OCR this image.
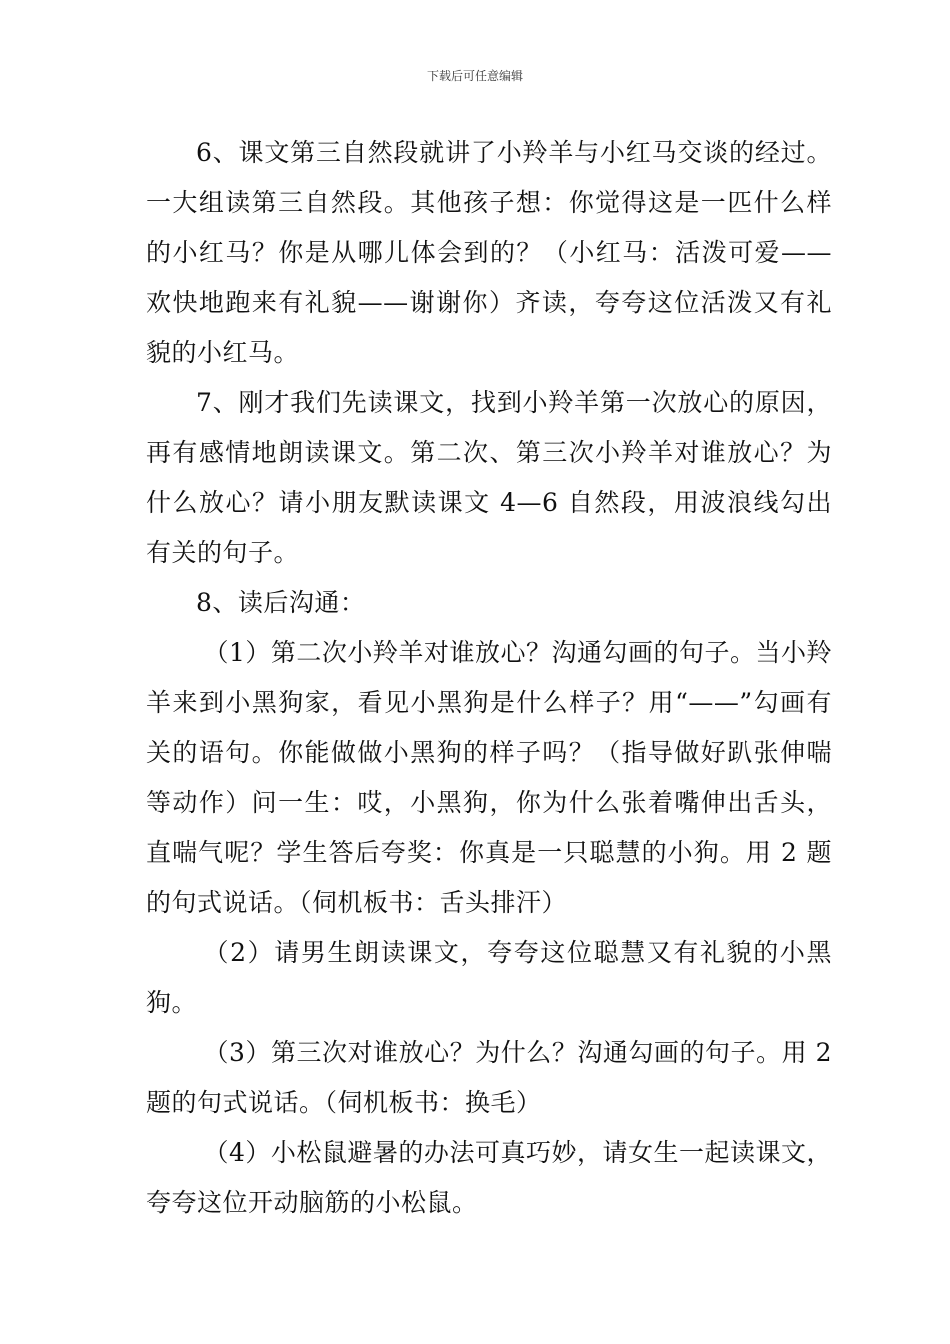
下载后可任意编辑

6、课文第三自然段就讲了小羚羊与小红马交谈的经过。一大组读第三自然段。其他孩子想：你觉得这是一匹什么样的小红马？你是从哪儿体会到的？（小红马：活泼可爱——欢快地跑来有礼貌——谢谢你）齐读，夸夸这位活泼又有礼貌的小红马。

7、刚才我们先读课文，找到小羚羊第一次放心的原因，再有感情地朗读课文。第二次、第三次小羚羊对谁放心？为什么放心？请小朋友默读课文 4—6 自然段，用波浪线勾出有关的句子。

8、读后沟通：

（1）第二次小羚羊对谁放心？沟通勾画的句子。当小羚羊来到小黑狗家，看见小黑狗是什么样子？用“——”勾画有关的语句。你能做做小黑狗的样子吗？（指导做好趴张伸喘等动作）问一生：哎，小黑狗，你为什么张着嘴伸出舌头，直喘气呢？学生答后夸奖：你真是一只聪慧的小狗。用 2 题的句式说话。（伺机板书：舌头排汗）

（2）请男生朗读课文，夸夸这位聪慧又有礼貌的小黑狗。

（3）第三次对谁放心？为什么？沟通勾画的句子。用 2 题的句式说话。（伺机板书：换毛）

（4）小松鼠避暑的办法可真巧妙，请女生一起读课文，夸夸这位开动脑筋的小松鼠。
